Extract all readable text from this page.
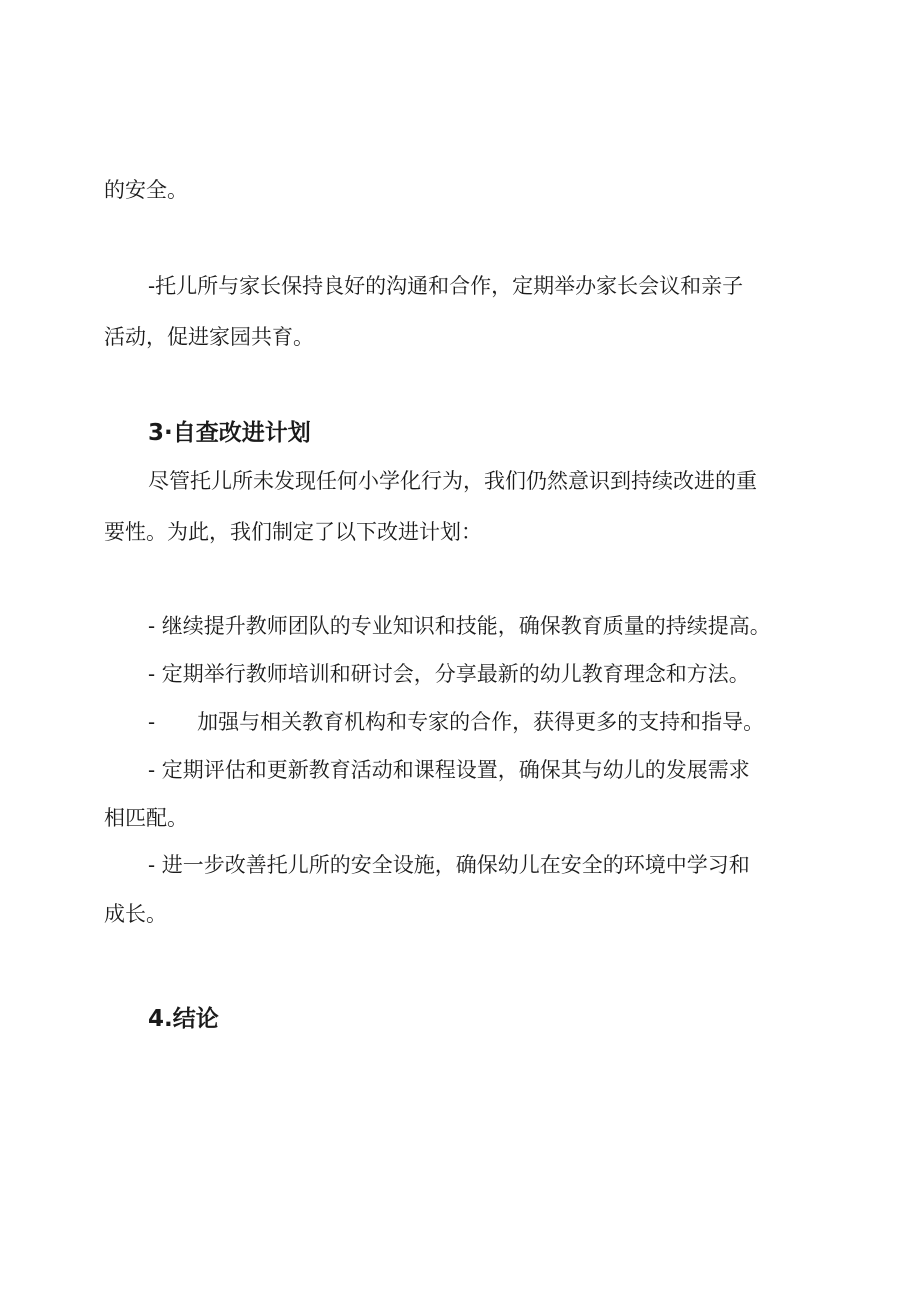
的安全。
-托儿所与家长保持良好的沟通和合作，定期举办家长会议和亲子
活动，促进家园共育。
3·自查改进计划
尽管托儿所未发现任何小学化行为，我们仍然意识到持续改进的重
要性。为此，我们制定了以下改进计划：
- 继续提升教师团队的专业知识和技能，确保教育质量的持续提高。
- 定期举行教师培训和研讨会，分享最新的幼儿教育理念和方法。
- 加强与相关教育机构和专家的合作，获得更多的支持和指导。
- 定期评估和更新教育活动和课程设置，确保其与幼儿的发展需求
相匹配。
- 进一步改善托儿所的安全设施，确保幼儿在安全的环境中学习和
成长。
4.结论
